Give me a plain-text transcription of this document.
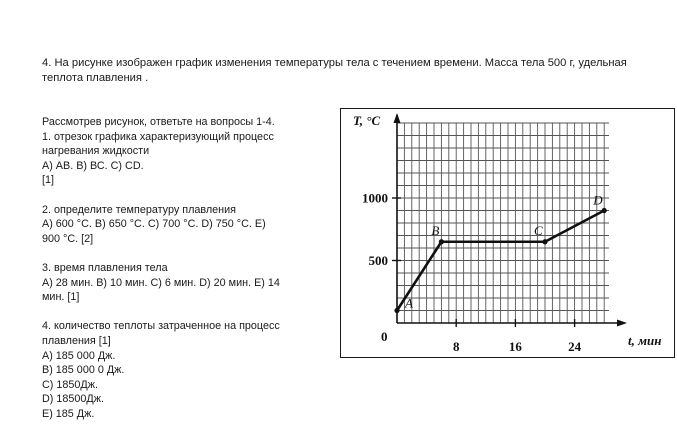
4. На рисунке изображен график изменения температуры тела с течением времени. Масса тела 500 г, удельная теплота плавления .
Рассмотрев рисунок, ответьте на вопросы 1-4.
1. отрезок графика характеризующий процесс
нагревания жидкости
А) АВ. В) ВС. С) CD.
[1]
2. определите температуру плавления
А) 600 °С. В) 650 °С. С) 700 °С. D) 750 °С. Е)
900 °С. [2]
3. время плавления тела
А) 28 мин. В) 10 мин. С) 6 мин. D) 20 мин. Е) 14
мин. [1]
4. количество теплоты затраченное на процесс
плавления [1]
А) 185 000 Дж.
В) 185 000 0 Дж.
С) 1850Дж.
D) 18500Дж.
Е) 185 Дж.
8	16	24
500
1000
T, °C
t, мин
0
A
B	C
D
